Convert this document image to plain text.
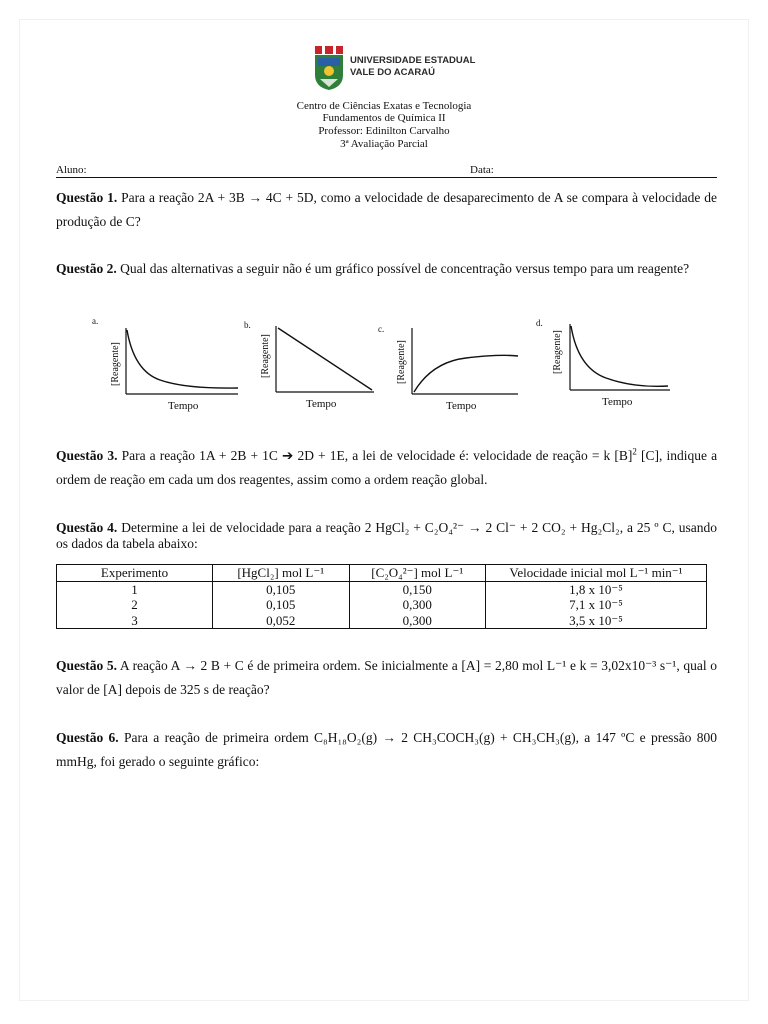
UNIVERSIDADE ESTADUAL
VALE DO ACARAÚ
Centro de Ciências Exatas e Tecnologia
Fundamentos de Química II
Professor: Edinilton Carvalho
3ª Avaliação Parcial
Aluno:	Data:
Questão 1. Para a reação 2A + 3B → 4C + 5D, como a velocidade de desaparecimento de A se compara à velocidade de produção de C?
Questão 2. Qual das alternativas a seguir não é um gráfico possível de concentração versus tempo para um reagente?
a.
[Reagente]
Tempo
b.
[Reagente]
Tempo
c.
[Reagente]
Tempo
d.
[Reagente]
Tempo
Questão 3. Para a reação 1A + 2B + 1C ➔ 2D + 1E, a lei de velocidade é: velocidade de reação = k $[B]^2$ [C], indique a ordem de reação em cada um dos reagentes, assim como a ordem reação global.
Questão 4. Determine a lei de velocidade para a reação 2 HgCl₂ + C₂O₄²⁻ → 2 Cl⁻ + 2 CO₂ + Hg₂Cl₂, a 25 º C, usando os dados da tabela abaixo:
Experimento	[HgCl₂] mol L⁻¹	[C₂O₄²⁻] mol L⁻¹	Velocidade inicial mol L⁻¹ min⁻¹
1	0,105	0,150	1,8 x 10⁻⁵
2	0,105	0,300	7,1 x 10⁻⁵
3	0,052	0,300	3,5 x 10⁻⁵
Questão 5. A reação A → 2 B + C é de primeira ordem. Se inicialmente a [A] = 2,80 mol L⁻¹ e k = 3,02x10⁻³ s⁻¹, qual o valor de [A] depois de 325 s de reação?
Questão 6. Para a reação de primeira ordem C₈H₁₈O₂(g) → 2 CH₃COCH₃(g) + CH₃CH₃(g), a 147 ºC e pressão 800 mmHg, foi gerado o seguinte gráfico:
